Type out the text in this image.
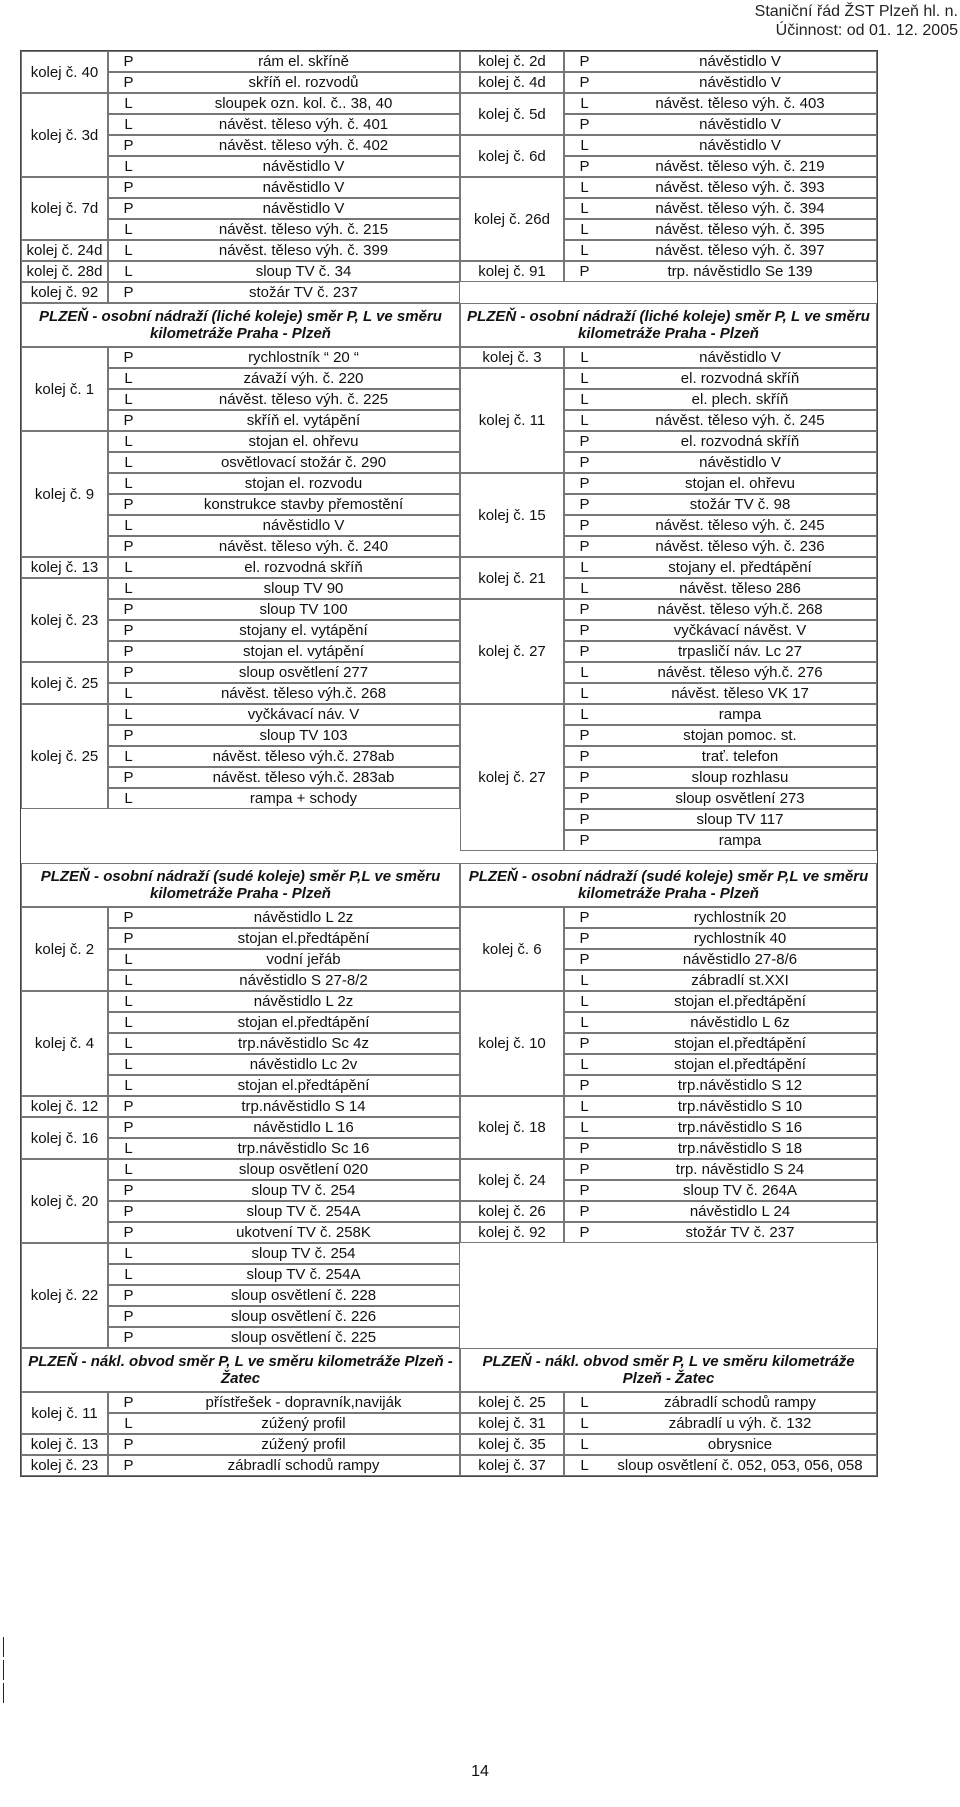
Staniční řád ŽST Plzeň hl. n.
Účinnost: od 01. 12. 2005
kolej č. 40	P	rám el. skříně	kolej č. 2d	P	návěstidlo V
	P	skříň el. rozvodů	kolej č. 4d	P	návěstidlo V
kolej č. 3d	L	sloupek ozn. kol. č.. 38, 40	kolej č. 5d	L	návěst. těleso výh. č. 403
	L	návěst. těleso výh. č. 401		P	návěstidlo V
	P	návěst. těleso výh. č. 402	kolej č. 6d	L	návěstidlo V
	L	návěstidlo V		P	návěst. těleso výh. č. 219
kolej č. 7d	P	návěstidlo V	kolej č. 26d	L	návěst. těleso výh. č. 393
	P	návěstidlo V		L	návěst. těleso výh. č. 394
	L	návěst. těleso výh. č. 215		L	návěst. těleso výh. č. 395
kolej č. 24d	L	návěst. těleso výh. č. 399		L	návěst. těleso výh. č. 397
kolej č. 28d	L	sloup TV č. 34	kolej č. 91	P	trp. návěstidlo Se 139
kolej č. 92	P	stožár TV č. 237			
PLZEŇ - osobní nádraží (liché koleje) směr P, L ve směru kilometráže Praha - Plzeň			PLZEŇ - osobní nádraží (liché koleje) směr P, L ve směru kilometráže Praha - Plzeň		
kolej č. 1	P	rychlostník “ 20 “	kolej č. 3	L	návěstidlo V
	L	závaží výh. č. 220	kolej č. 11	L	el. rozvodná skříň
	L	návěst. těleso výh. č. 225		L	el. plech. skříň
	P	skříň el. vytápění		L	návěst. těleso výh. č. 245
kolej č. 9	L	stojan el. ohřevu		P	el. rozvodná skříň
	L	osvětlovací stožár č. 290		P	návěstidlo V
	L	stojan el. rozvodu	kolej č. 15	P	stojan el. ohřevu
	P	konstrukce stavby přemostění		P	stožár TV č. 98
	L	návěstidlo V		P	návěst. těleso výh. č. 245
	P	návěst. těleso výh. č. 240		P	návěst. těleso výh. č. 236
kolej č. 13	L	el. rozvodná skříň	kolej č. 21	L	stojany el. předtápění
kolej č. 23	L	sloup TV 90		L	návěst. těleso 286
	P	sloup TV 100	kolej č. 27	P	návěst. těleso výh.č. 268
	P	stojany el. vytápění		P	vyčkávací návěst. V
	P	stojan el. vytápění		P	trpasličí náv. Lc 27
kolej č. 25	P	sloup osvětlení 277		L	návěst. těleso výh.č. 276
	L	návěst. těleso výh.č. 268		L	návěst. těleso VK 17
kolej č. 25	L	vyčkávací náv. V	kolej č. 27	L	rampa
	P	sloup TV 103		P	stojan pomoc. st.
	L	návěst. těleso výh.č. 278ab		P	trať. telefon
	P	návěst. těleso výh.č. 283ab		P	sloup rozhlasu
	L	rampa + schody		P	sloup osvětlení 273
				P	sloup TV 117
				P	rampa

PLZEŇ - osobní nádraží (sudé koleje) směr P,L ve směru kilometráže Praha - Plzeň			PLZEŇ - osobní nádraží (sudé koleje) směr P,L ve směru kilometráže Praha - Plzeň		
kolej č. 2	P	návěstidlo L 2z	kolej č. 6	P	rychlostník 20
	P	stojan el.předtápění		P	rychlostník 40
	L	vodní jeřáb		P	návěstidlo 27-8/6
	L	návěstidlo S 27-8/2		L	zábradlí st.XXI
kolej č. 4	L	návěstidlo L 2z	kolej č. 10	L	stojan el.předtápění
	L	stojan el.předtápění		L	návěstidlo L 6z
	L	trp.návěstidlo Sc 4z		P	stojan el.předtápění
	L	návěstidlo Lc 2v		L	stojan el.předtápění
	L	stojan el.předtápění		P	trp.návěstidlo S 12
kolej č. 12	P	trp.návěstidlo S 14	kolej č. 18	L	trp.návěstidlo S 10
kolej č. 16	P	návěstidlo L 16		L	trp.návěstidlo S 16
	L	trp.návěstidlo Sc 16		P	trp.návěstidlo S 18
kolej č. 20	L	sloup osvětlení 020	kolej č. 24	P	trp. návěstidlo S 24
	P	sloup TV č. 254		P	sloup TV č. 264A
	P	sloup TV č. 254A	kolej č. 26	P	návěstidlo L 24
	P	ukotvení TV č. 258K	kolej č. 92	P	stožár TV č. 237
kolej č. 22	L	sloup TV č. 254			
	L	sloup TV č. 254A			
	P	sloup osvětlení č. 228			
	P	sloup osvětlení č. 226			
	P	sloup osvětlení č. 225			
PLZEŇ - nákl. obvod směr P, L ve směru kilometráže Plzeň - Žatec			PLZEŇ - nákl. obvod směr P, L ve směru kilometráže Plzeň - Žatec		
kolej č. 11	P	přístřešek - dopravník,naviják	kolej č. 25	L	zábradlí schodů rampy
	L	zúžený profil	kolej č. 31	L	zábradlí u výh. č. 132
kolej č. 13	P	zúžený profil	kolej č. 35	L	obrysnice
kolej č. 23	P	zábradlí schodů rampy	kolej č. 37	L	sloup osvětlení č. 052, 053, 056, 058
14
